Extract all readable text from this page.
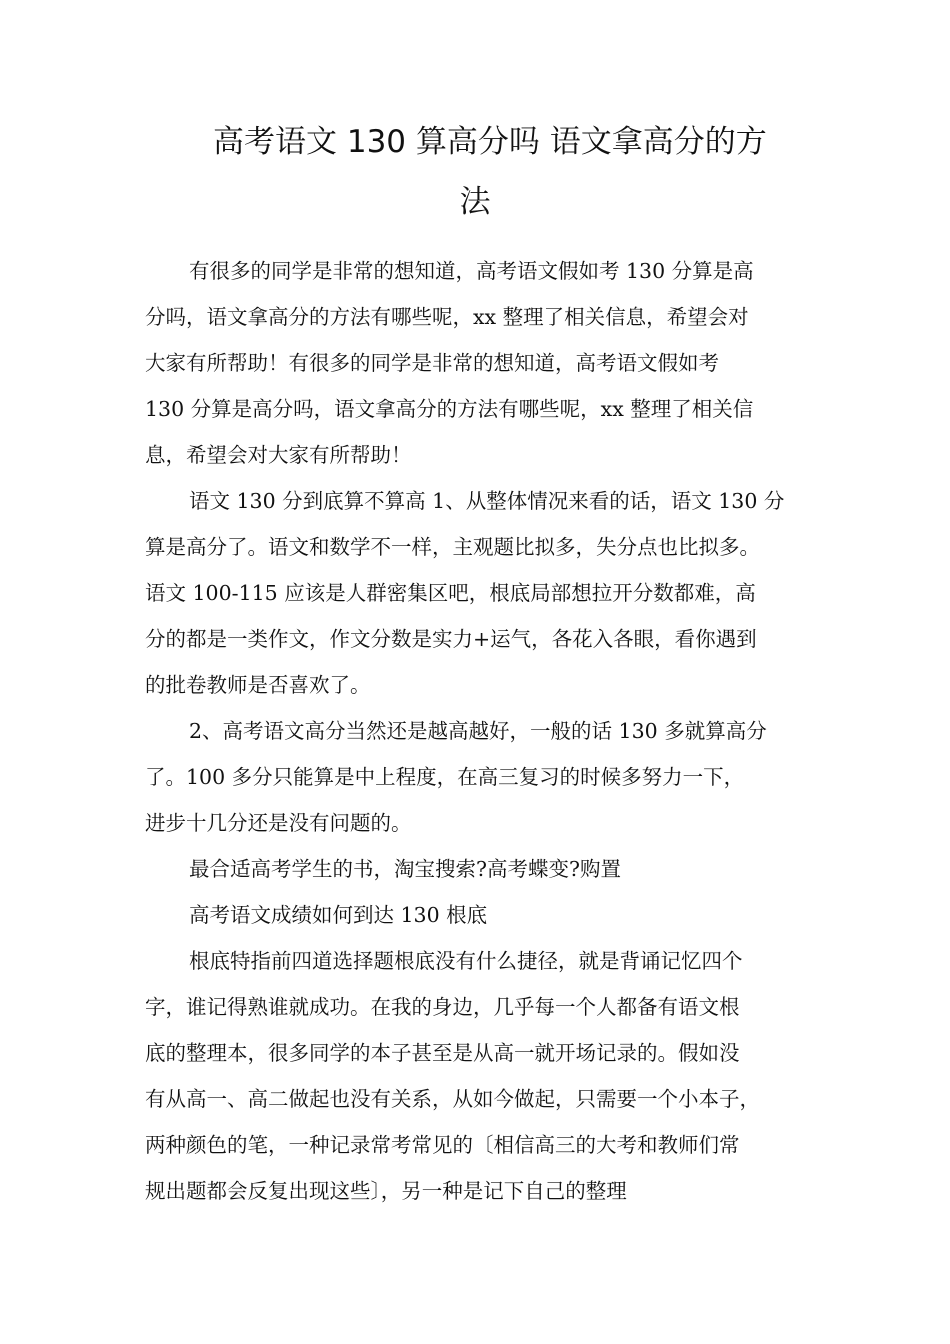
高考语文 130 算高分吗 语文拿高分的方
法
有很多的同学是非常的想知道，高考语文假如考 130 分算是高
分吗，语文拿高分的方法有哪些呢，xx 整理了相关信息，希望会对
大家有所帮助！有很多的同学是非常的想知道，高考语文假如考
130 分算是高分吗，语文拿高分的方法有哪些呢，xx 整理了相关信
息，希望会对大家有所帮助！
语文 130 分到底算不算高 1、从整体情况来看的话，语文 130 分
算是高分了。语文和数学不一样，主观题比拟多，失分点也比拟多。
语文 100-115 应该是人群密集区吧，根底局部想拉开分数都难，高
分的都是一类作文，作文分数是实力+运气，各花入各眼，看你遇到
的批卷教师是否喜欢了。
2、高考语文高分当然还是越高越好，一般的话 130 多就算高分
了。100 多分只能算是中上程度，在高三复习的时候多努力一下，
进步十几分还是没有问题的。
最合适高考学生的书，淘宝搜索?高考蝶变?购置
高考语文成绩如何到达 130 根底
根底特指前四道选择题根底没有什么捷径，就是背诵记忆四个
字，谁记得熟谁就成功。在我的身边，几乎每一个人都备有语文根
底的整理本，很多同学的本子甚至是从高一就开场记录的。假如没
有从高一、高二做起也没有关系，从如今做起，只需要一个小本子，
两种颜色的笔，一种记录常考常见的〔相信高三的大考和教师们常
规出题都会反复出现这些〕，另一种是记下自己的整理
